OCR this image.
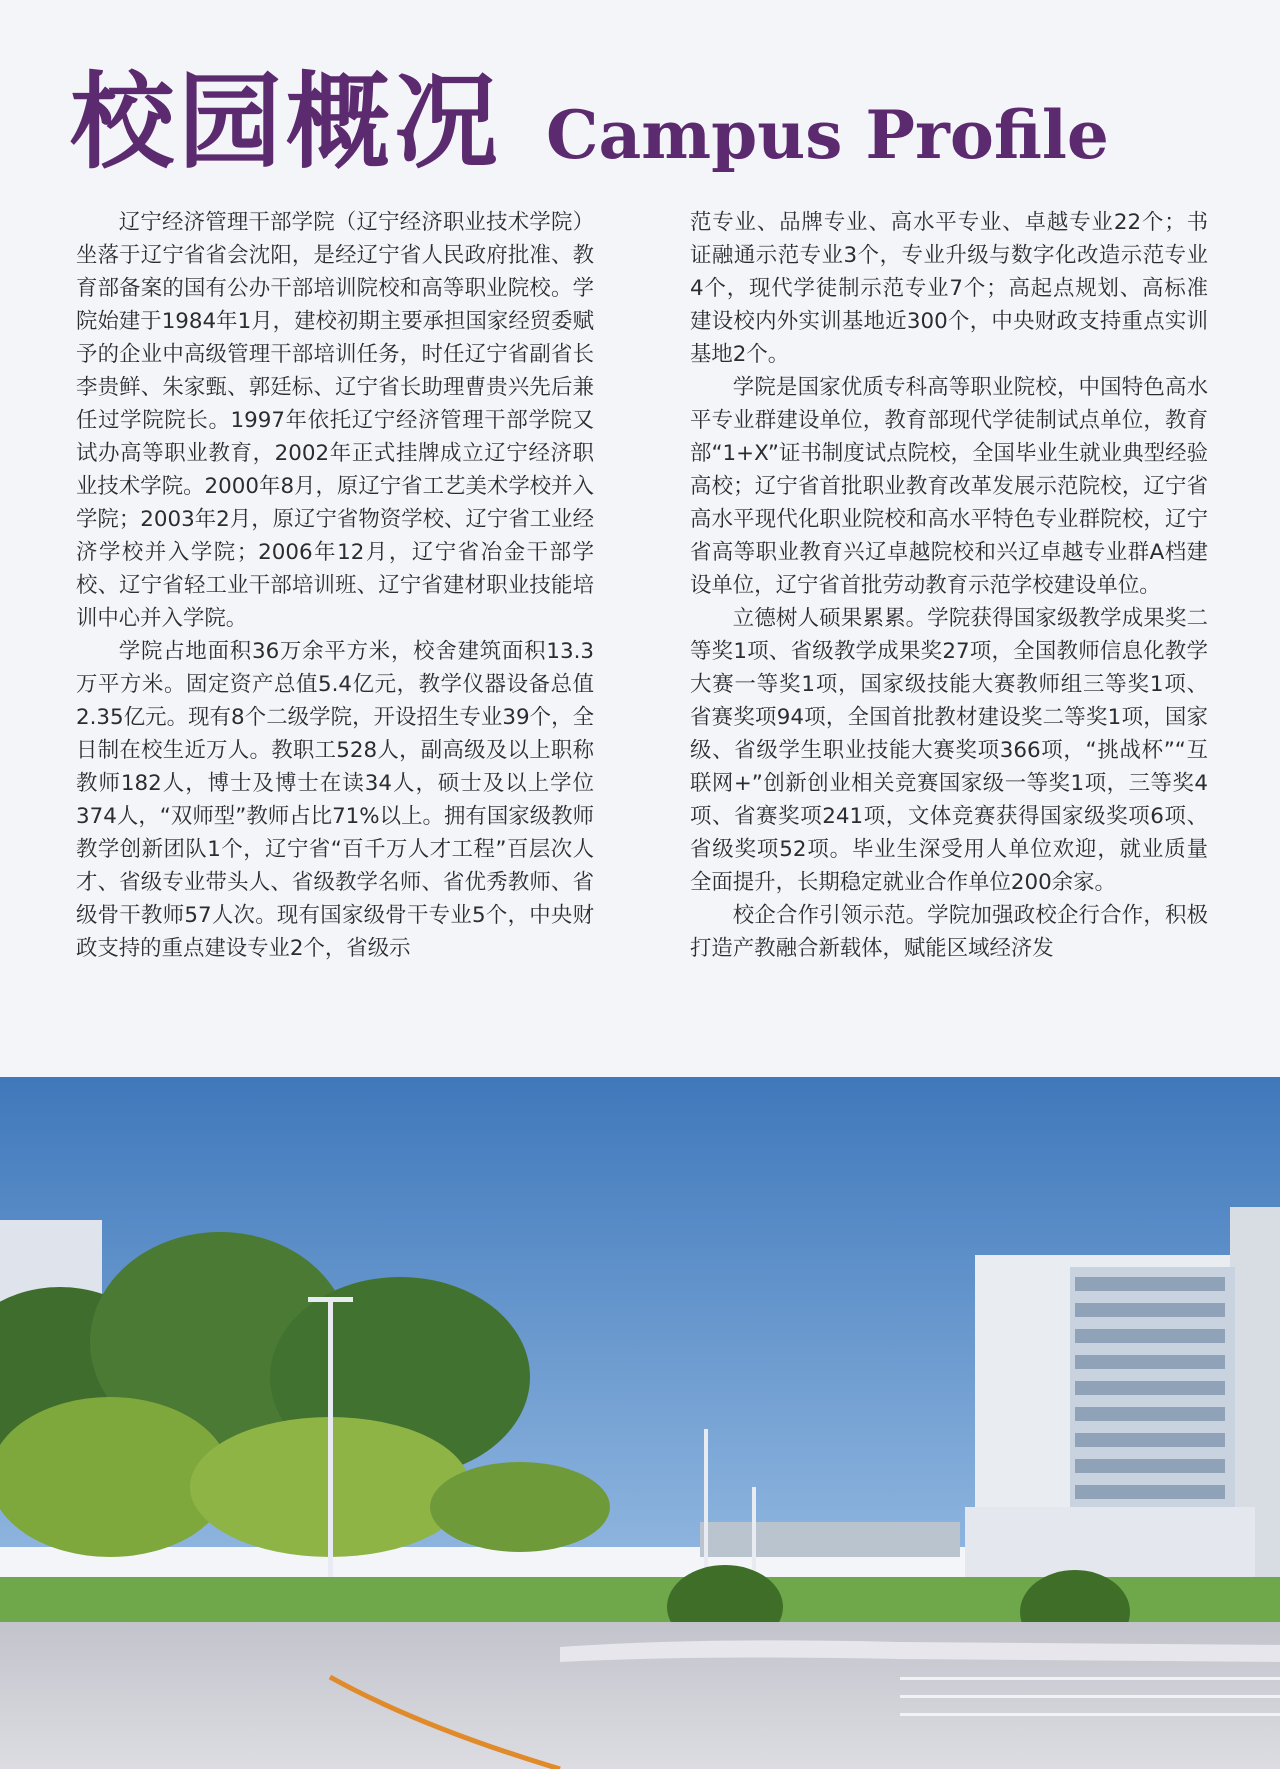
校园概况 Campus Profile

辽宁经济管理干部学院（辽宁经济职业技术学院）坐落于辽宁省省会沈阳，是经辽宁省人民政府批准、教育部备案的国有公办干部培训院校和高等职业院校。学院始建于1984年1月，建校初期主要承担国家经贸委赋予的企业中高级管理干部培训任务，时任辽宁省副省长李贵鲜、朱家甄、郭廷标、辽宁省长助理曹贵兴先后兼任过学院院长。1997年依托辽宁经济管理干部学院又试办高等职业教育，2002年正式挂牌成立辽宁经济职业技术学院。2000年8月，原辽宁省工艺美术学校并入学院；2003年2月，原辽宁省物资学校、辽宁省工业经济学校并入学院；2006年12月，辽宁省冶金干部学校、辽宁省轻工业干部培训班、辽宁省建材职业技能培训中心并入学院。

学院占地面积36万余平方米，校舍建筑面积13.3万平方米。固定资产总值5.4亿元，教学仪器设备总值2.35亿元。现有8个二级学院，开设招生专业39个，全日制在校生近万人。教职工528人，副高级及以上职称教师182人，博士及博士在读34人，硕士及以上学位374人，“双师型”教师占比71%以上。拥有国家级教师教学创新团队1个，辽宁省“百千万人才工程”百层次人才、省级专业带头人、省级教学名师、省优秀教师、省级骨干教师57人次。现有国家级骨干专业5个，中央财政支持的重点建设专业2个，省级示

范专业、品牌专业、高水平专业、卓越专业22个；书证融通示范专业3个，专业升级与数字化改造示范专业4个，现代学徒制示范专业7个；高起点规划、高标准建设校内外实训基地近300个，中央财政支持重点实训基地2个。

学院是国家优质专科高等职业院校，中国特色高水平专业群建设单位，教育部现代学徒制试点单位，教育部“1+X”证书制度试点院校，全国毕业生就业典型经验高校；辽宁省首批职业教育改革发展示范院校，辽宁省高水平现代化职业院校和高水平特色专业群院校，辽宁省高等职业教育兴辽卓越院校和兴辽卓越专业群A档建设单位，辽宁省首批劳动教育示范学校建设单位。

立德树人硕果累累。学院获得国家级教学成果奖二等奖1项、省级教学成果奖27项，全国教师信息化教学大赛一等奖1项，国家级技能大赛教师组三等奖1项、省赛奖项94项，全国首批教材建设奖二等奖1项，国家级、省级学生职业技能大赛奖项366项，“挑战杯”“互联网+”创新创业相关竞赛国家级一等奖1项，三等奖4项、省赛奖项241项，文体竞赛获得国家级奖项6项、省级奖项52项。毕业生深受用人单位欢迎，就业质量全面提升，长期稳定就业合作单位200余家。

校企合作引领示范。学院加强政校企行合作，积极打造产教融合新载体，赋能区域经济发
